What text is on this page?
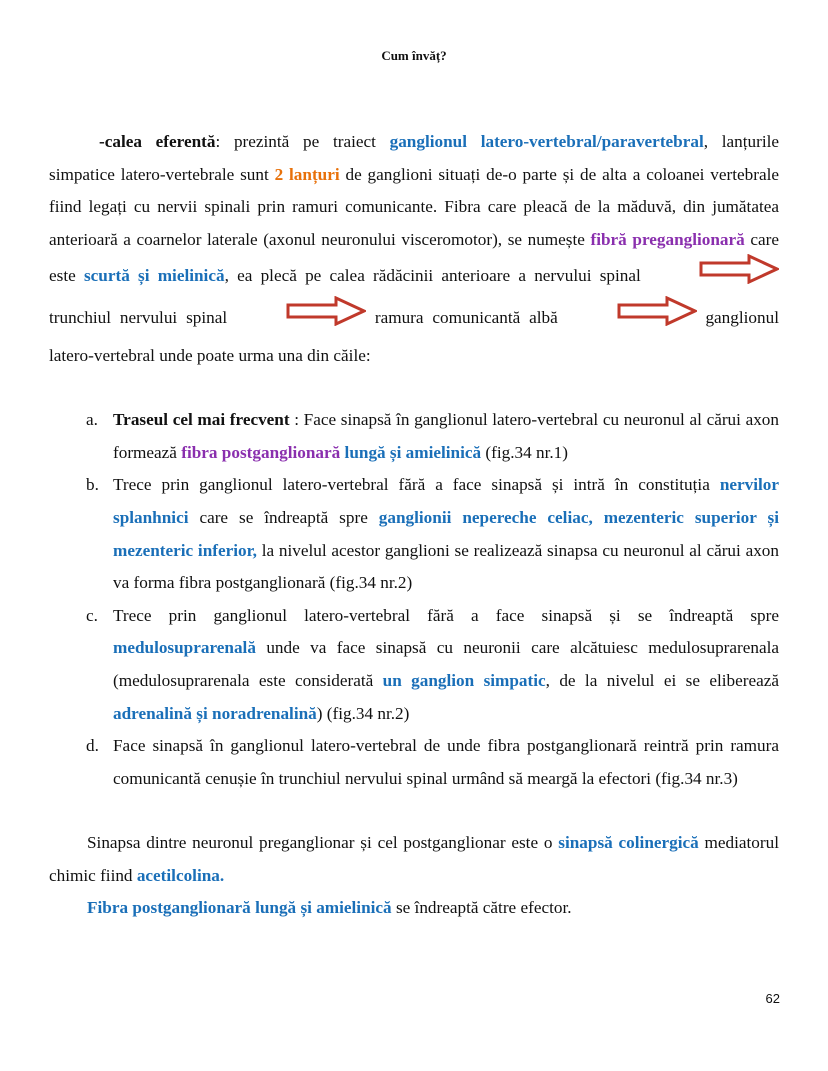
Cum învăț?

-calea eferentă: prezintă pe traiect ganglionul latero-vertebral/paravertebral, lanțurile simpatice latero-vertebrale sunt 2 lanțuri de ganglioni situați de-o parte și de alta a coloanei vertebrale fiind legați cu nervii spinali prin ramuri comunicante. Fibra care pleacă de la măduvă, din jumătatea anterioară a coarnelor laterale (axonul neuronului visceromotor), se numește fibră preganglionară care este scurtă și mielinică, ea plecă pe calea rădăcinii anterioare a nervului spinal  trunchiul nervului spinal	ramura comunicantă albă	ganglionul latero-vertebral unde poate urma una din căile:

a. Traseul cel mai frecvent : Face sinapsă în ganglionul latero-vertebral cu neuronul al cărui axon formează fibra postganglionară lungă și amielinică (fig.34 nr.1)
b. Trece prin ganglionul latero-vertebral fără a face sinapsă și intră în constituția nervilor splanhnici care se îndreaptă spre ganglionii nepereche celiac, mezenteric superior și mezenteric inferior, la nivelul acestor ganglioni se realizează sinapsa cu neuronul al cărui axon va forma fibra postganglionară (fig.34 nr.2)
c. Trece prin ganglionul latero-vertebral fără a face sinapsă și se îndreaptă spre medulosuprarenală unde va face sinapsă cu neuronii care alcătuiesc medulosuprarenala (medulosuprarenala este considerată un ganglion simpatic, de la nivelul ei se eliberează adrenalină și noradrenalină) (fig.34 nr.2)
d. Face sinapsă în ganglionul latero-vertebral de unde fibra postganglionară reintră prin ramura comunicantă cenușie în trunchiul nervului spinal urmând să meargă la efectori (fig.34 nr.3)

Sinapsa dintre neuronul preganglionar și cel postganglionar este o sinapsă colinergică mediatorul chimic fiind acetilcolina.

Fibra postganglionară lungă și amielinică se îndreaptă către efector.

62
